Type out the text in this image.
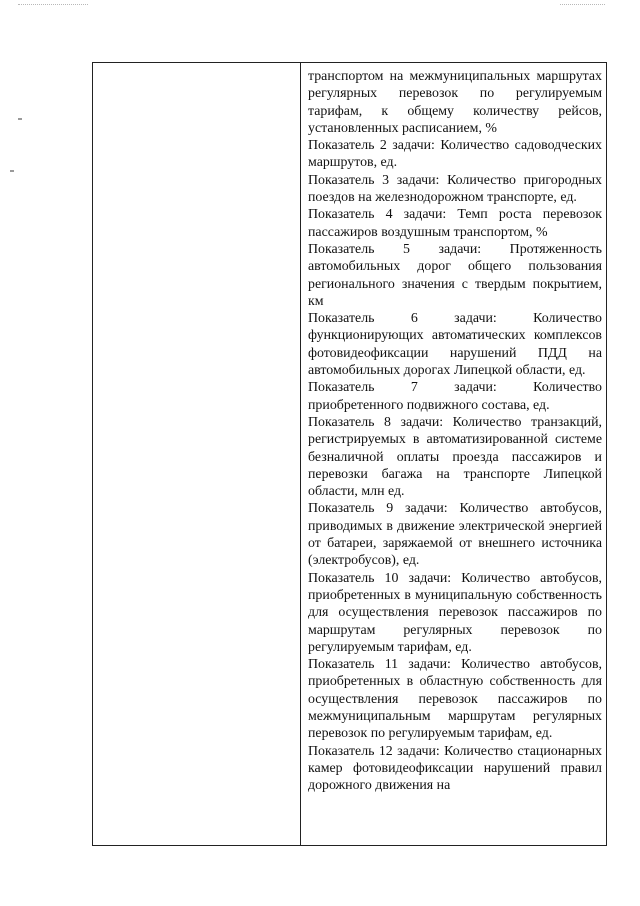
транспортом на межмуниципальных маршрутах регулярных перевозок по регулируемым тарифам, к общему количеству рейсов, установленных расписанием, %
Показатель 2 задачи: Количество садоводческих маршрутов, ед.
Показатель 3 задачи: Количество пригородных поездов на железнодорожном транспорте, ед.
Показатель 4 задачи: Темп роста перевозок пассажиров воздушным транспортом, %
Показатель 5 задачи: Протяженность автомобильных дорог общего пользования регионального значения с твердым покрытием, км
Показатель 6 задачи: Количество функционирующих автоматических комплексов фотовидеофиксации нарушений ПДД на автомобильных дорогах Липецкой области, ед.
Показатель 7 задачи: Количество приобретенного подвижного состава, ед.
Показатель 8 задачи: Количество транзакций, регистрируемых в автоматизированной системе безналичной оплаты проезда пассажиров и перевозки багажа на транспорте Липецкой области, млн ед.
Показатель 9 задачи: Количество автобусов, приводимых в движение электрической энергией от батареи, заряжаемой от внешнего источника (электробусов), ед.
Показатель 10 задачи: Количество автобусов, приобретенных в муниципальную собственность для осуществления перевозок пассажиров по маршрутам регулярных перевозок по регулируемым тарифам, ед.
Показатель 11 задачи: Количество автобусов, приобретенных в областную собственность для осуществления перевозок пассажиров по межмуниципальным маршрутам регулярных перевозок по регулируемым тарифам, ед.
Показатель 12 задачи: Количество стационарных камер фотовидеофиксации нарушений правил дорожного движения на
